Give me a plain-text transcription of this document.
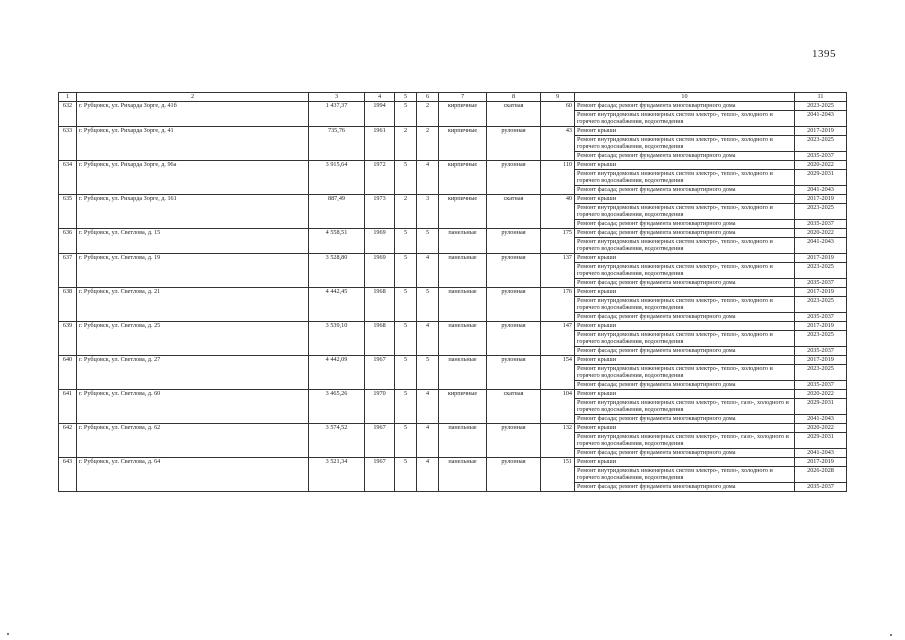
1395
1	2	3	4	5	6	7	8	9	10	11
632	г. Рубцовск, ул. Рихарда Зорге, д. 41б	1 437,37	1994	5	2	кирпичные	скатная	60	Ремонт фасада; ремонт фундамента многоквартирного дома	2023-2025
									Ремонт внутридомовых инженерных систем электро-, тепло-, холодного и горячего водоснабжения, водоотведения	2041-2043
633	г. Рубцовск, ул. Рихарда Зорге, д. 41	735,76	1961	2	2	кирпичные	рулонная	43	Ремонт крыши	2017-2019
									Ремонт внутридомовых инженерных систем электро-, тепло-, холодного и горячего водоснабжения, водоотведения	2023-2025
									Ремонт фасада; ремонт фундамента многоквартирного дома	2035-2037
634	г. Рубцовск, ул. Рихарда Зорге, д. 96а	3 915,64	1972	5	4	кирпичные	рулонная	110	Ремонт крыши	2020-2022
									Ремонт внутридомовых инженерных систем электро-, тепло-, холодного и горячего водоснабжения, водоотведения	2029-2031
									Ремонт фасада; ремонт фундамента многоквартирного дома	2041-2043
635	г. Рубцовск, ул. Рихарда Зорге, д. 161	887,49	1973	2	3	кирпичные	скатная	40	Ремонт крыши	2017-2019
									Ремонт внутридомовых инженерных систем электро-, тепло-, холодного и горячего водоснабжения, водоотведения	2023-2025
									Ремонт фасада; ремонт фундамента многоквартирного дома	2035-2037
636	г. Рубцовск, ул. Светлова, д. 15	4 558,51	1969	5	5	панельные	рулонная	175	Ремонт фасада; ремонт фундамента многоквартирного дома	2020-2022
									Ремонт внутридомовых инженерных систем электро-, тепло-, холодного и горячего водоснабжения, водоотведения	2041-2043
637	г. Рубцовск, ул. Светлова, д. 19	3 528,80	1969	5	4	панельные	рулонная	137	Ремонт крыши	2017-2019
									Ремонт внутридомовых инженерных систем электро-, тепло-, холодного и горячего водоснабжения, водоотведения	2023-2025
									Ремонт фасада; ремонт фундамента многоквартирного дома	2035-2037
638	г. Рубцовск, ул. Светлова, д. 21	4 442,45	1968	5	5	панельные	рулонная	176	Ремонт крыши	2017-2019
									Ремонт внутридомовых инженерных систем электро-, тепло-, холодного и горячего водоснабжения, водоотведения	2023-2025
									Ремонт фасада; ремонт фундамента многоквартирного дома	2035-2037
639	г. Рубцовск, ул. Светлова, д. 25	3 539,10	1968	5	4	панельные	рулонная	147	Ремонт крыши	2017-2019
									Ремонт внутридомовых инженерных систем электро-, тепло-, холодного и горячего водоснабжения, водоотведения	2023-2025
									Ремонт фасада; ремонт фундамента многоквартирного дома	2035-2037
640	г. Рубцовск, ул. Светлова, д. 27	4 442,09	1967	5	5	панельные	рулонная	154	Ремонт крыши	2017-2019
									Ремонт внутридомовых инженерных систем электро-, тепло-, холодного и горячего водоснабжения, водоотведения	2023-2025
									Ремонт фасада; ремонт фундамента многоквартирного дома	2035-2037
641	г. Рубцовск, ул. Светлова, д. 60	3 465,26	1970	5	4	кирпичные	скатная	104	Ремонт крыши	2020-2022
									Ремонт внутридомовых инженерных систем электро-, тепло-, газо-, холодного и горячего водоснабжения, водоотведения	2029-2031
									Ремонт фасада; ремонт фундамента многоквартирного дома	2041-2043
642	г. Рубцовск, ул. Светлова, д. 62	3 574,52	1967	5	4	панельные	рулонная	132	Ремонт крыши	2020-2022
									Ремонт внутридомовых инженерных систем электро-, тепло-, газо-, холодного и горячего водоснабжения, водоотведения	2029-2031
									Ремонт фасада; ремонт фундамента многоквартирного дома	2041-2043
643	г. Рубцовск, ул. Светлова, д. 64	3 521,34	1967	5	4	панельные	рулонная	151	Ремонт крыши	2017-2019
									Ремонт внутридомовых инженерных систем электро-, тепло-, холодного и горячего водоснабжения, водоотведения	2026-2028
									Ремонт фасада; ремонт фундамента многоквартирного дома	2035-2037
